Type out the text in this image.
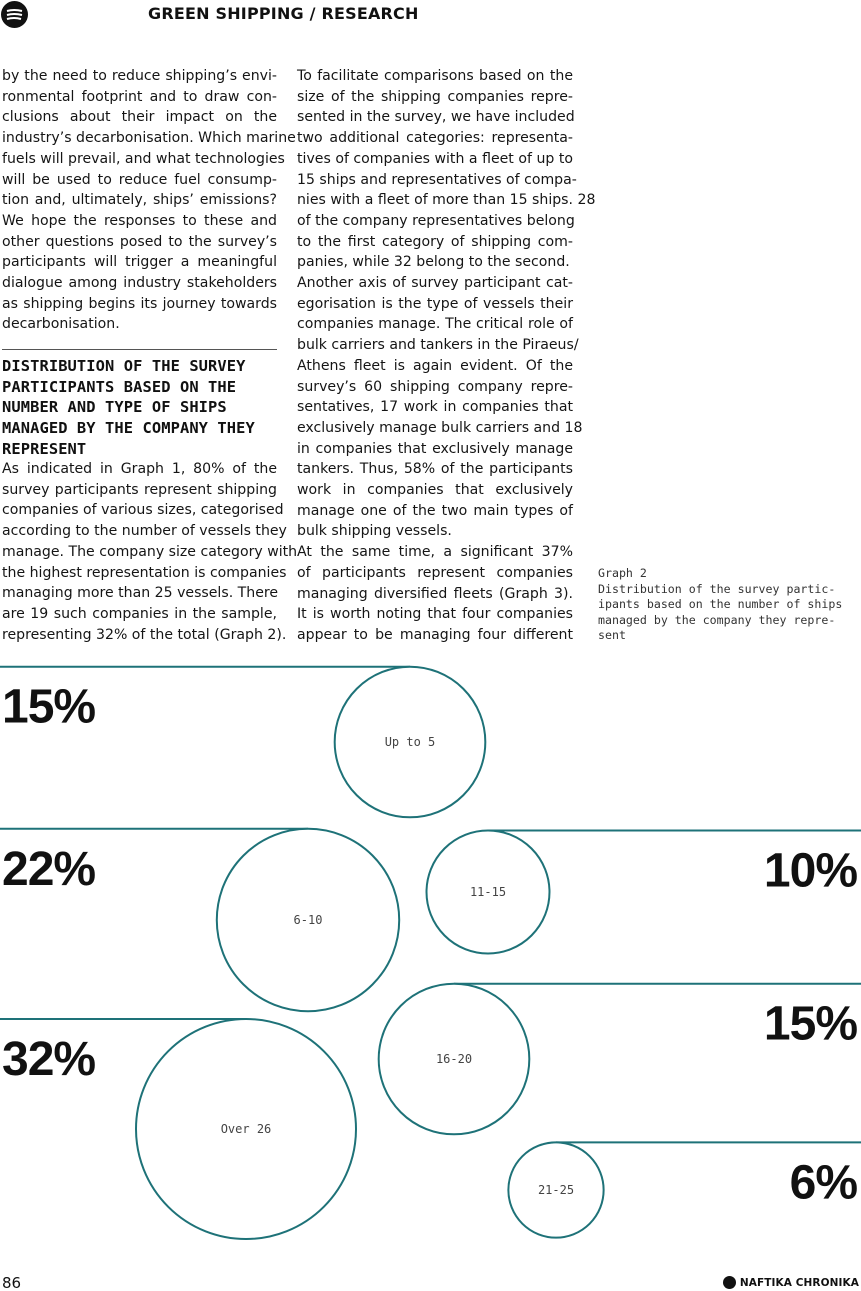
GREEN SHIPPING / RESEARCH
by the need to reduce shipping’s envi-
ronmental footprint and to draw con-
clusions about their impact on the
industry’s decarbonisation. Which marine
fuels will prevail, and what technologies
will be used to reduce fuel consump-
tion and, ultimately, ships’ emissions?
We hope the responses to these and
other questions posed to the survey’s
participants will trigger a meaningful
dialogue among industry stakeholders
as shipping begins its journey towards
decarbonisation.
DISTRIBUTION OF THE SURVEY PARTICIPANTS BASED ON THE NUMBER AND TYPE OF SHIPS MANAGED BY THE COMPANY THEY REPRESENT
As indicated in Graph 1, 80% of the
survey participants represent shipping
companies of various sizes, categorised
according to the number of vessels they
manage. The company size category with
the highest representation is companies
managing more than 25 vessels. There
are 19 such companies in the sample,
representing 32% of the total (Graph 2).
To facilitate comparisons based on the
size of the shipping companies repre-
sented in the survey, we have included
two additional categories: representa-
tives of companies with a fleet of up to
15 ships and representatives of compa-
nies with a fleet of more than 15 ships. 28
of the company representatives belong
to the first category of shipping com-
panies, while 32 belong to the second.
Another axis of survey participant cat-
egorisation is the type of vessels their
companies manage. The critical role of
bulk carriers and tankers in the Piraeus/
Athens fleet is again evident. Of the
survey’s 60 shipping company repre-
sentatives, 17 work in companies that
exclusively manage bulk carriers and 18
in companies that exclusively manage
tankers. Thus, 58% of the participants
work in companies that exclusively
manage one of the two main types of
bulk shipping vessels.
At the same time, a significant 37%
of participants represent companies
managing diversified fleets (Graph 3).
It is worth noting that four companies
appear to be managing four different
Graph 2
Distribution of the survey partic-
ipants based on the number of ships
managed by the company they repre-
sent
Up to 5
15%
6-10
22%	11-15	10%
16-20
15%
21-25	6%
Over 26
32%
86	NAFTIKA CHRONIKA
